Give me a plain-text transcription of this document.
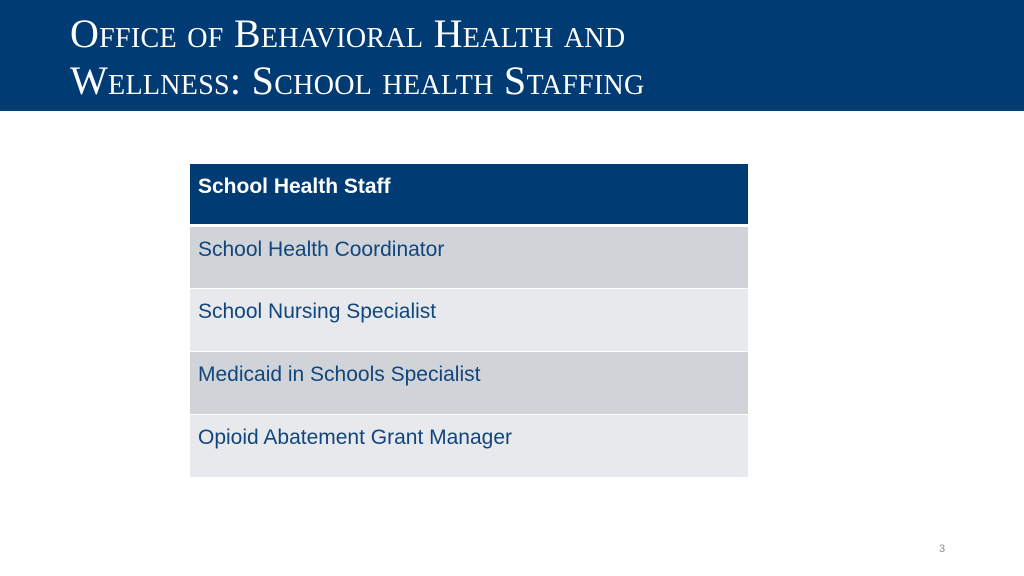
Office of Behavioral Health and
Wellness: School health Staffing
School Health Staff
School Health Coordinator
School Nursing Specialist
Medicaid in Schools Specialist
Opioid Abatement Grant Manager
3
